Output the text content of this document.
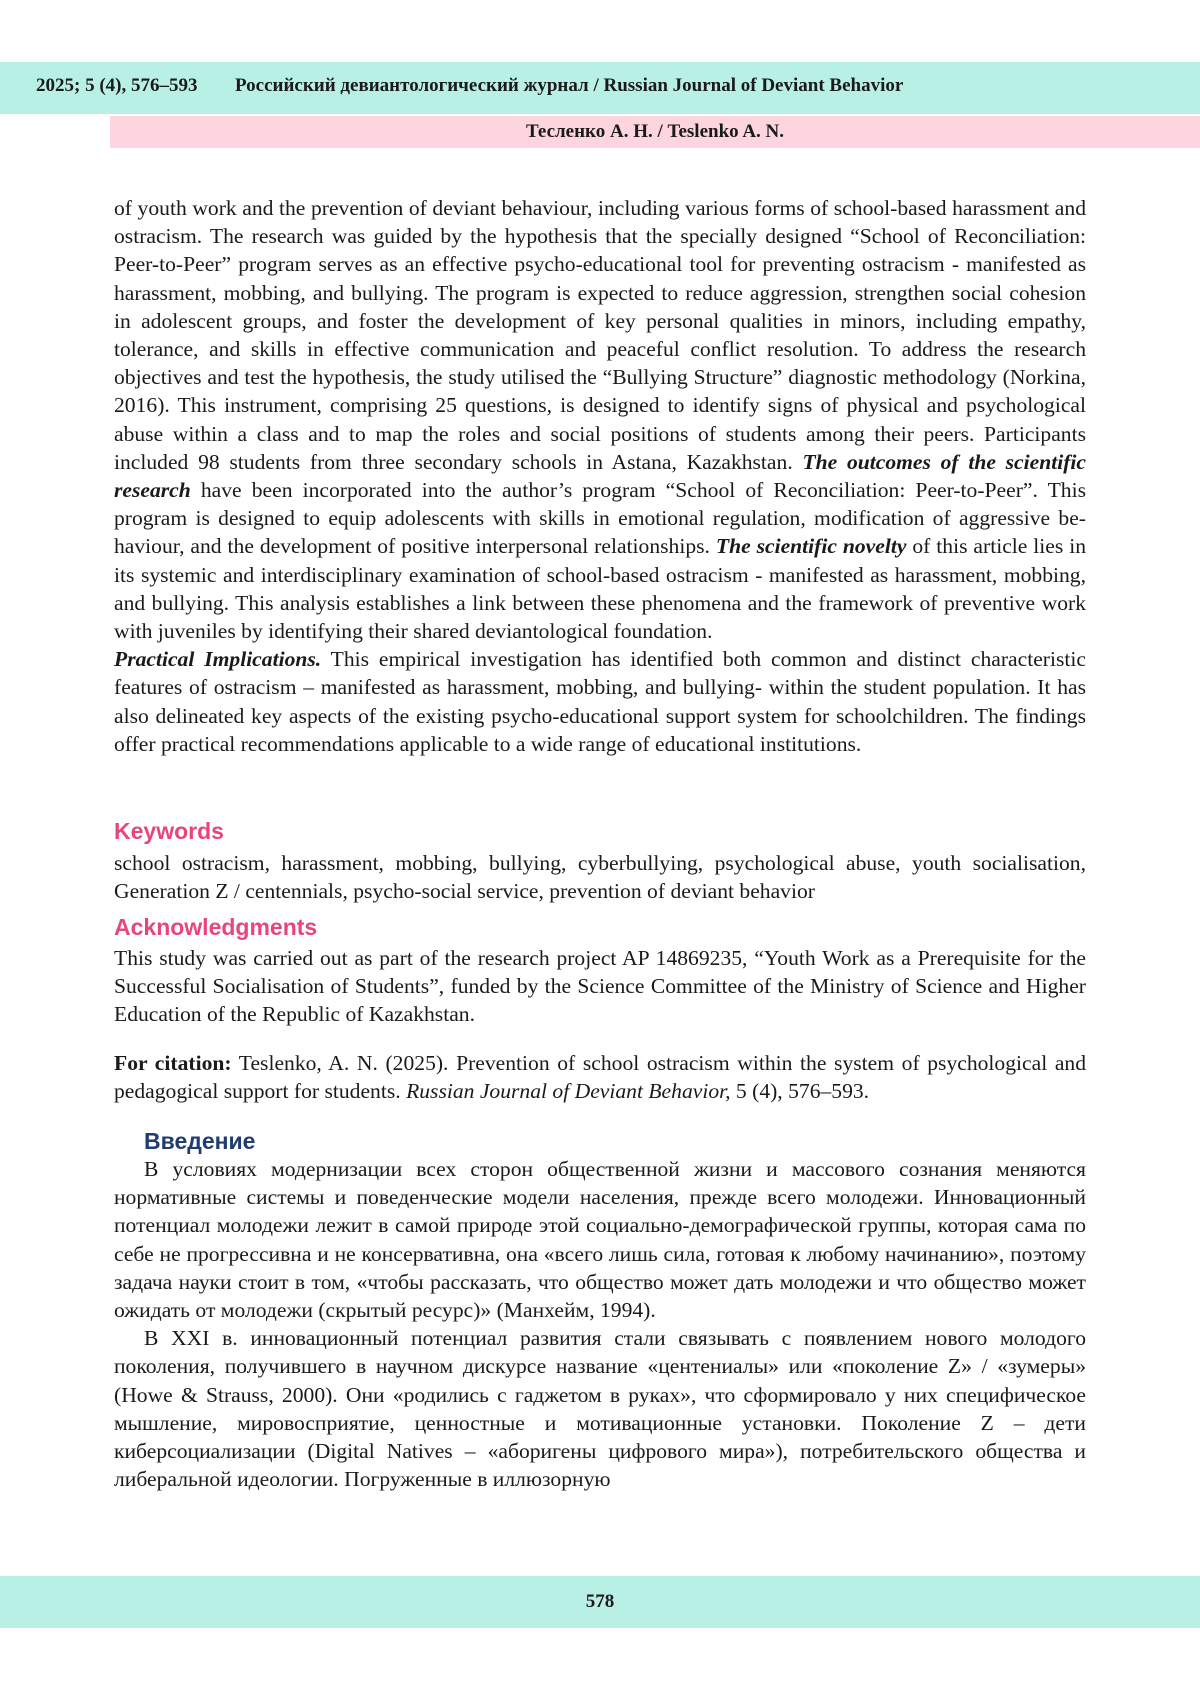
2025; 5 (4), 576–593 Российский девиантологический журнал / Russian Journal of Deviant Behavior
Тесленко А. Н. / Teslenko A. N.

of youth work and the prevention of deviant behaviour, including various forms of school-based harassment and ostracism. The research was guided by the hypothesis that the specially designed “School of Reconciliation: Peer-to-Peer” program serves as an effective psycho-educational tool for preventing ostracism - manifested as harassment, mobbing, and bullying. The program is expected to reduce aggression, strengthen social cohesion in adolescent groups, and foster the development of key personal qualities in minors, including empathy, tolerance, and skills in effective communication and peaceful conflict resolution. To address the research objectives and test the hypothesis, the study utilised the “Bullying Structure” diagnostic methodology (Norkina, 2016). This instrument, comprising 25 questions, is designed to identify signs of physical and psychological abuse within a class and to map the roles and social positions of students among their peers. Participants included 98 students from three secondary schools in Astana, Kazakhstan. The outcomes of the scientific research have been incorporated into the author’s program “School of Reconciliation: Peer-to-Peer”. This program is designed to equip adolescents with skills in emotional regulation, modification of aggressive behaviour, and the development of positive interpersonal relationships. The scientific novelty of this article lies in its systemic and interdisciplinary examination of school-based ostracism - manifested as harassment, mobbing, and bullying. This analysis establishes a link between these phenomena and the framework of preventive work with juveniles by identifying their shared deviantological foundation.
Practical Implications. This empirical investigation has identified both common and distinct characteristic features of ostracism – manifested as harassment, mobbing, and bullying- within the student population. It has also delineated key aspects of the existing psycho-educational support system for schoolchildren. The findings offer practical recommendations applicable to a wide range of educational institutions.

Keywords

school ostracism, harassment, mobbing, bullying, cyberbullying, psychological abuse, youth socialisation, Generation Z / centennials, psycho-social service, prevention of deviant behavior

Acknowledgments

This study was carried out as part of the research project AP 14869235, “Youth Work as a Prerequisite for the Successful Socialisation of Students”, funded by the Science Committee of the Ministry of Science and Higher Education of the Republic of Kazakhstan.

For citation: Teslenko, A. N. (2025). Prevention of school ostracism within the system of psychological and pedagogical support for students. Russian Journal of Deviant Behavior, 5 (4), 576–593.

Введение

В условиях модернизации всех сторон общественной жизни и массового сознания меняются нормативные системы и поведенческие модели населения, прежде всего молодежи. Инновационный потенциал молодежи лежит в самой природе этой социально-демографической группы, которая сама по себе не прогрессивна и не консервативна, она «всего лишь сила, готовая к любому начинанию», поэтому задача науки стоит в том, «чтобы рассказать, что общество может дать молодежи и что общество может ожидать от молодежи (скрытый ресурс)» (Манхейм, 1994).

В XXI в. инновационный потенциал развития стали связывать с появлением нового молодого поколения, получившего в научном дискурсе название «центениалы» или «поколение Z» / «зумеры» (Howe & Strauss, 2000). Они «родились с гаджетом в руках», что сформировало у них специфическое мышление, мировосприятие, ценностные и мотивационные установки. Поколение Z – дети киберсоциализации (Digital Natives – «аборигены цифрового мира»), потребительского общества и либеральной идеологии. Погруженные в иллюзорную

578
